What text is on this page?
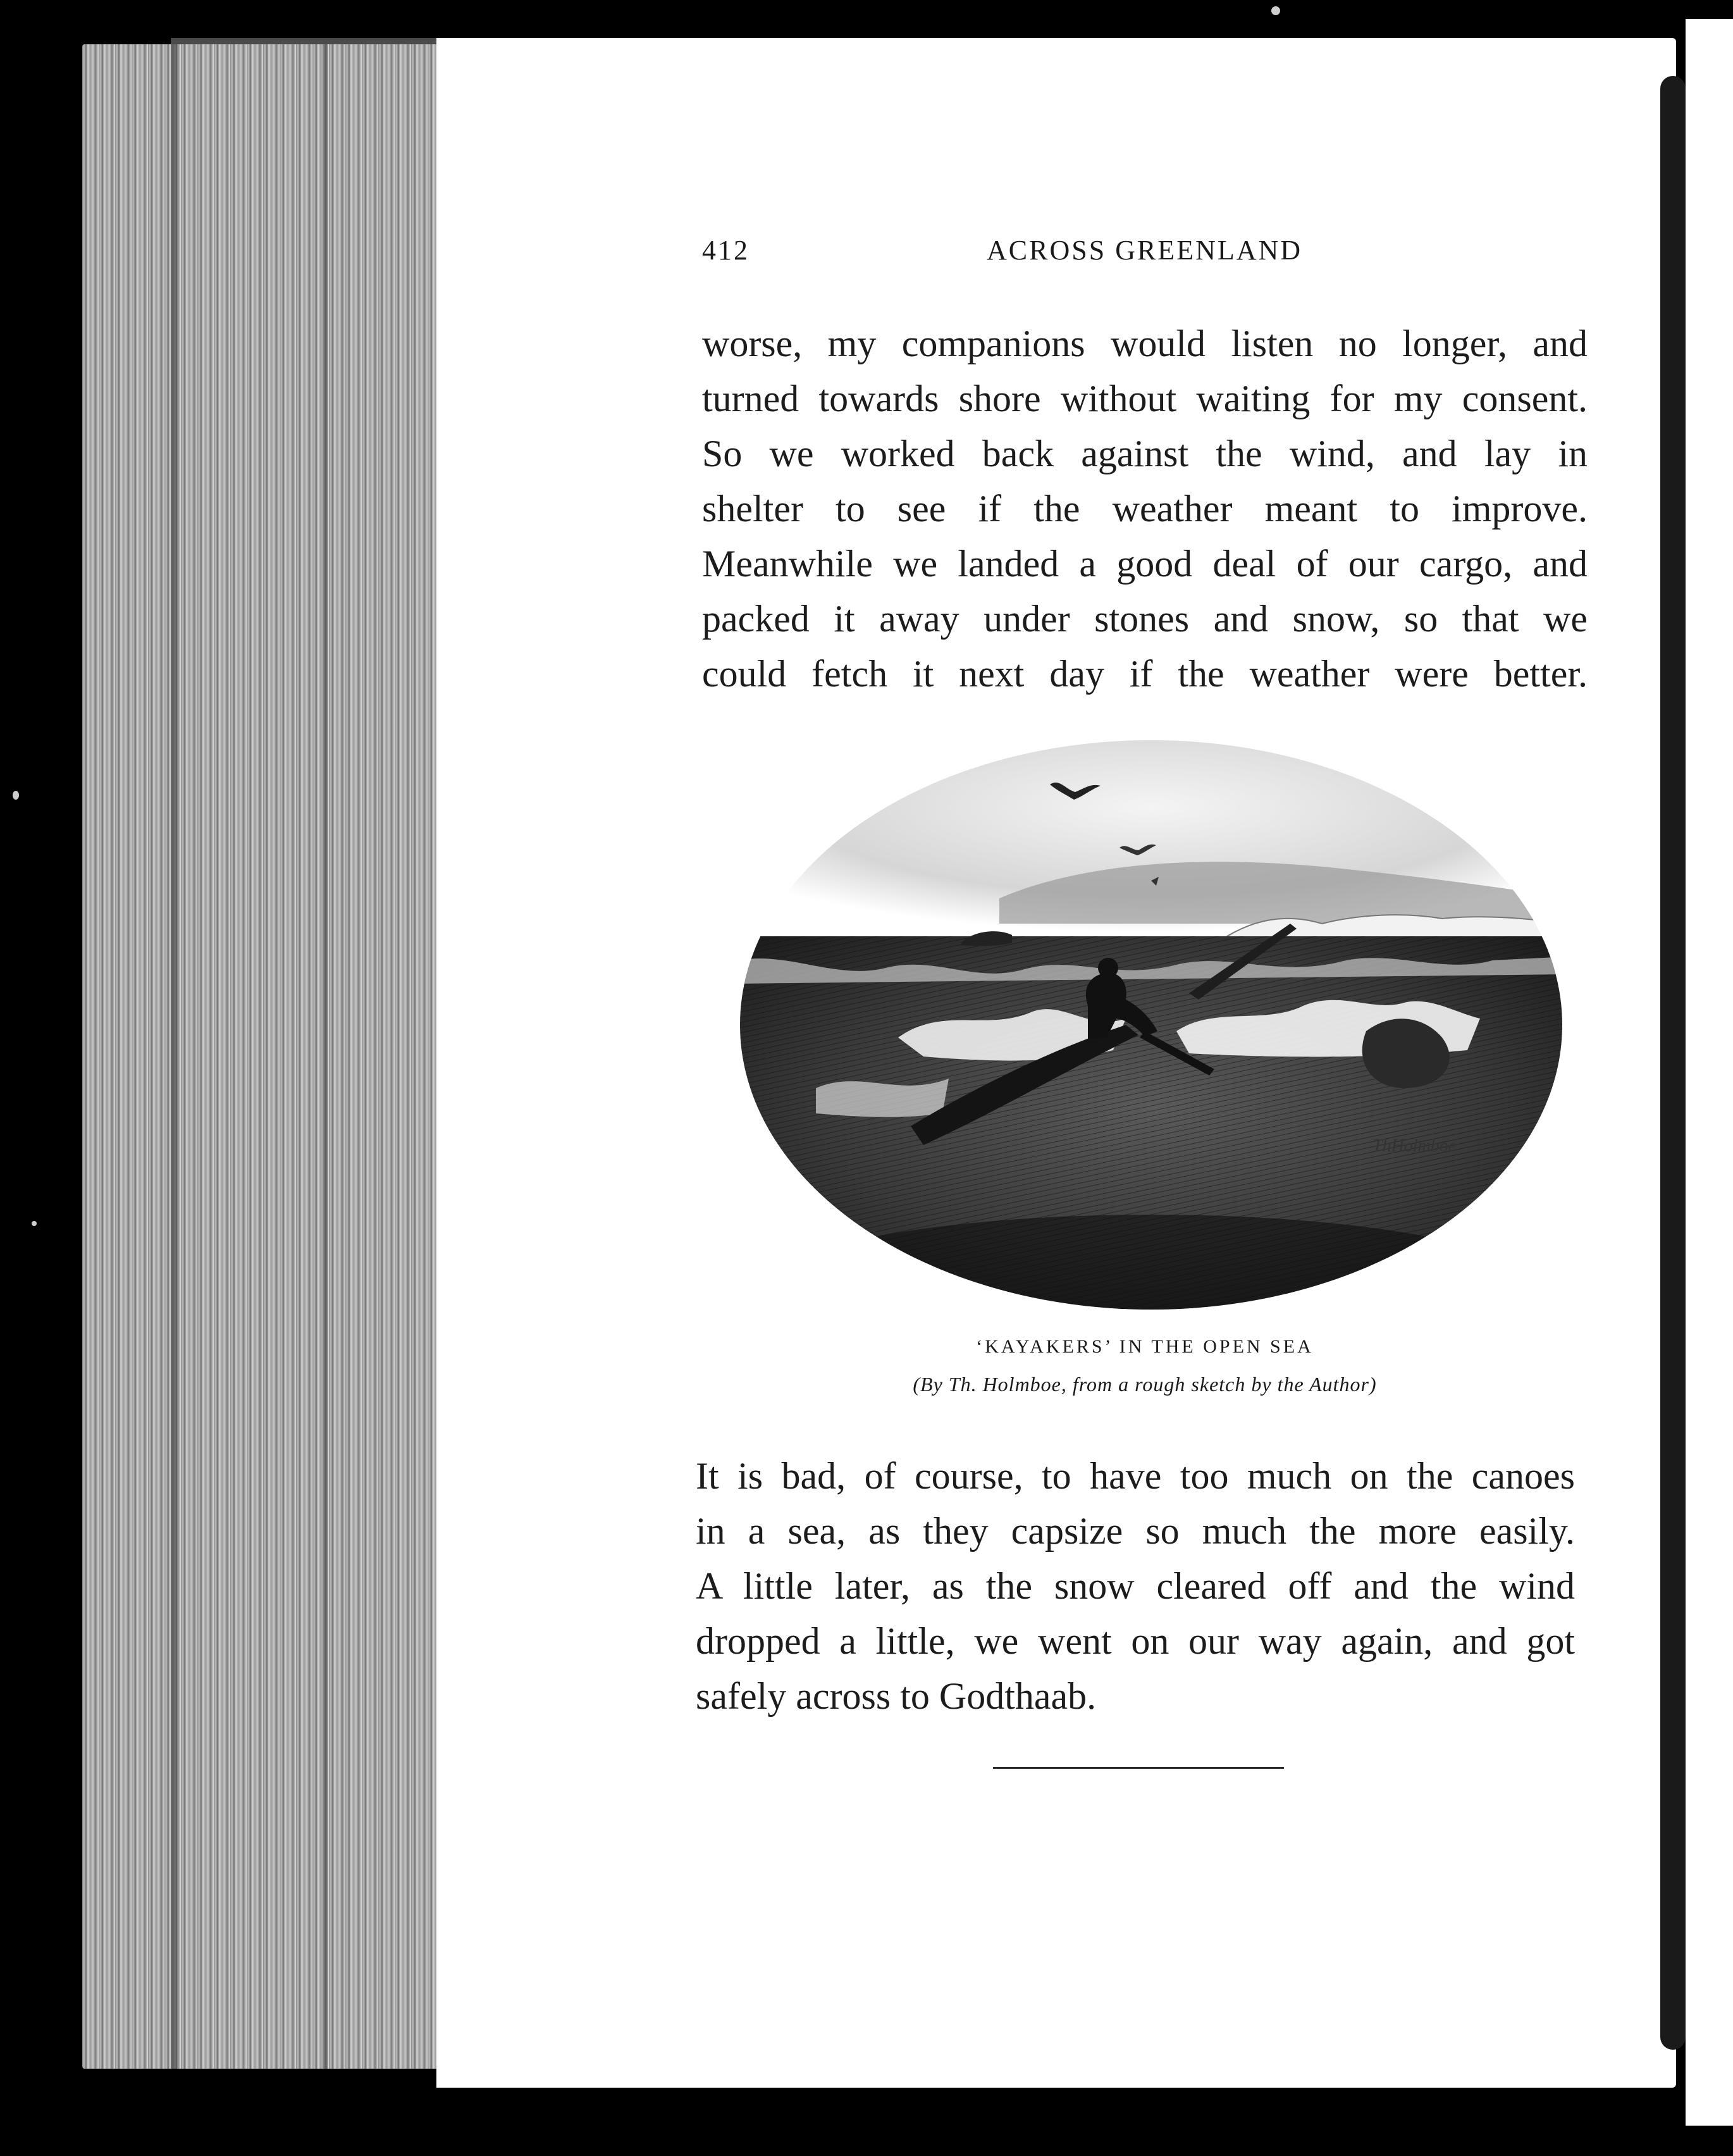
412	ACROSS GREENLAND
worse, my companions would listen no longer, and
turned towards shore without waiting for my consent.
So we worked back against the wind, and lay in
shelter to see if the weather meant to improve.
Meanwhile we landed a good deal of our cargo, and
packed it away under stones and snow, so that we
could fetch it next day if the weather were better.
ThHolmboe
‘KAYAKERS’ IN THE OPEN SEA
(By Th. Holmboe, from a rough sketch by the Author)
It is bad, of course, to have too much on the canoes
in a sea, as they capsize so much the more easily.
A little later, as the snow cleared off and the wind
dropped a little, we went on our way again, and got
safely across to Godthaab.
